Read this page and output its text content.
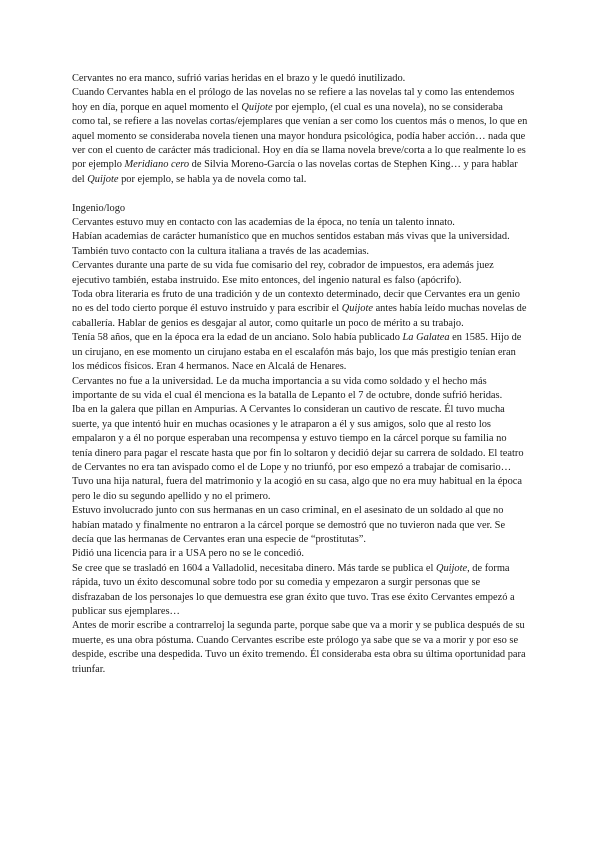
Cervantes no era manco, sufrió varias heridas en el brazo y le quedó inutilizado.

Cuando Cervantes habla en el prólogo de las novelas no se refiere a las novelas tal y como las entendemos hoy en día, porque en aquel momento el Quijote por ejemplo, (el cual es una novela), no se consideraba como tal, se refiere a las novelas cortas/ejemplares que venían a ser como los cuentos más o menos, lo que en aquel momento se consideraba novela tienen una mayor hondura psicológica, podía haber acción… nada que ver con el cuento de carácter más tradicional. Hoy en día se llama novela breve/corta a lo que realmente lo es por ejemplo Meridiano cero de Silvia Moreno-García o las novelas cortas de Stephen King… y para hablar del Quijote por ejemplo, se habla ya de novela como tal.

Ingenio/logo

Cervantes estuvo muy en contacto con las academias de la época, no tenía un talento innato.

Habían academias de carácter humanístico que en muchos sentidos estaban más vivas que la universidad.

También tuvo contacto con la cultura italiana a través de las academias.

Cervantes durante una parte de su vida fue comisario del rey, cobrador de impuestos, era además juez ejecutivo también, estaba instruido. Ese mito entonces, del ingenio natural es falso (apócrifo).

Toda obra literaria es fruto de una tradición y de un contexto determinado, decir que Cervantes era un genio no es del todo cierto porque él estuvo instruido y para escribir el Quijote antes había leído muchas novelas de caballería. Hablar de genios es desgajar al autor, como quitarle un poco de mérito a su trabajo.

Tenía 58 años, que en la época era la edad de un anciano. Solo había publicado La Galatea en 1585. Hijo de un cirujano, en ese momento un cirujano estaba en el escalafón más bajo, los que más prestigio tenían eran los médicos físicos. Eran 4 hermanos. Nace en Alcalá de Henares.

Cervantes no fue a la universidad. Le da mucha importancia a su vida como soldado y el hecho más importante de su vida el cual él menciona es la batalla de Lepanto el 7 de octubre, donde sufrió heridas.

Iba en la galera que pillan en Ampurias. A Cervantes lo consideran un cautivo de rescate. Él tuvo mucha suerte, ya que intentó huir en muchas ocasiones y le atraparon a él y sus amigos, solo que al resto los empalaron y a él no porque esperaban una recompensa y estuvo tiempo en la cárcel porque su familia no tenía dinero para pagar el rescate hasta que por fin lo soltaron y decidió dejar su carrera de soldado. El teatro de Cervantes no era tan avispado como el de Lope y no triunfó, por eso empezó a trabajar de comisario…

Tuvo una hija natural, fuera del matrimonio y la acogió en su casa, algo que no era muy habitual en la época pero le dio su segundo apellido y no el primero.

Estuvo involucrado junto con sus hermanas en un caso criminal, en el asesinato de un soldado al que no habían matado y finalmente no entraron a la cárcel porque se demostró que no tuvieron nada que ver. Se decía que las hermanas de Cervantes eran una especie de “prostitutas”.

Pidió una licencia para ir a USA pero no se le concedió.

Se cree que se trasladó en 1604 a Valladolid, necesitaba dinero. Más tarde se publica el Quijote, de forma rápida, tuvo un éxito descomunal sobre todo por su comedia y empezaron a surgir personas que se disfrazaban de los personajes lo que demuestra ese gran éxito que tuvo. Tras ese éxito Cervantes empezó a publicar sus ejemplares…

Antes de morir escribe a contrarreloj la segunda parte, porque sabe que va a morir y se publica después de su muerte, es una obra póstuma. Cuando Cervantes escribe este prólogo ya sabe que se va a morir y por eso se despide, escribe una despedida. Tuvo un éxito tremendo. Él consideraba esta obra su última oportunidad para triunfar.
